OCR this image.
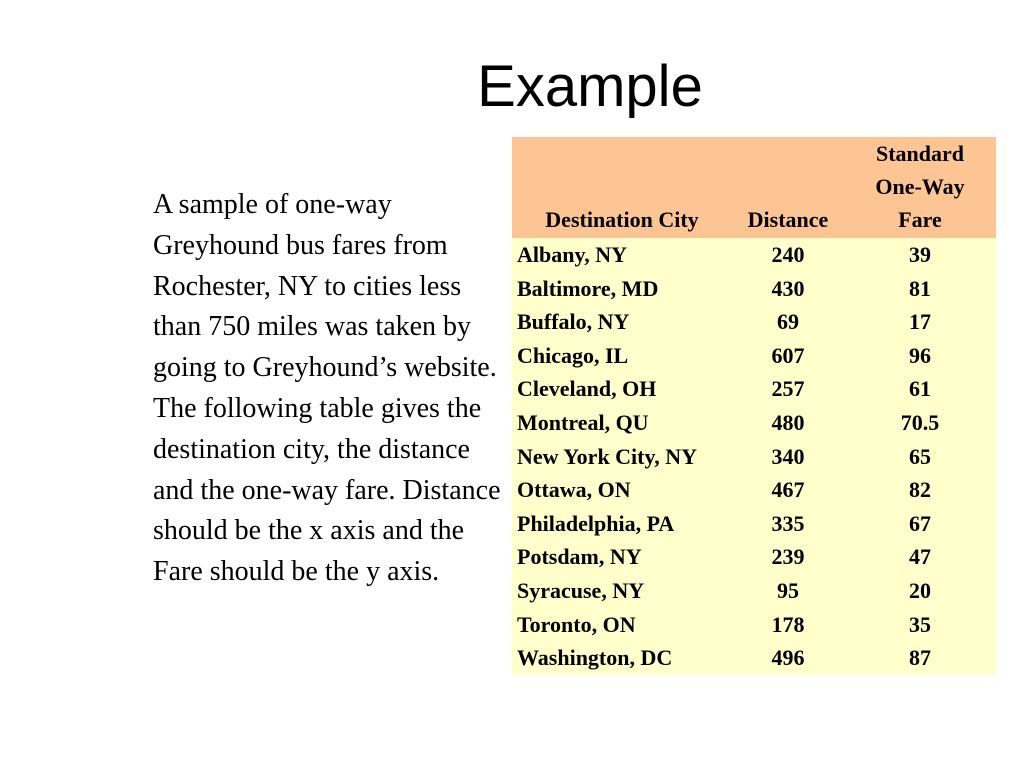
Example
A sample of one-way Greyhound bus fares from Rochester, NY to cities less than 750 miles was taken by going to Greyhound’s website. The following table gives the destination city, the distance and the one-way fare. Distance should be the x axis and the Fare should be the y axis.
Destination City	Distance	Standard
One-Way
Fare

Albany, NY	240	39
Baltimore, MD	430	81
Buffalo, NY	69	17
Chicago, IL	607	96
Cleveland, OH	257	61
Montreal, QU	480	70.5
New York City, NY	340	65
Ottawa, ON	467	82
Philadelphia, PA	335	67
Potsdam, NY	239	47
Syracuse, NY	95	20
Toronto, ON	178	35
Washington, DC	496	87
